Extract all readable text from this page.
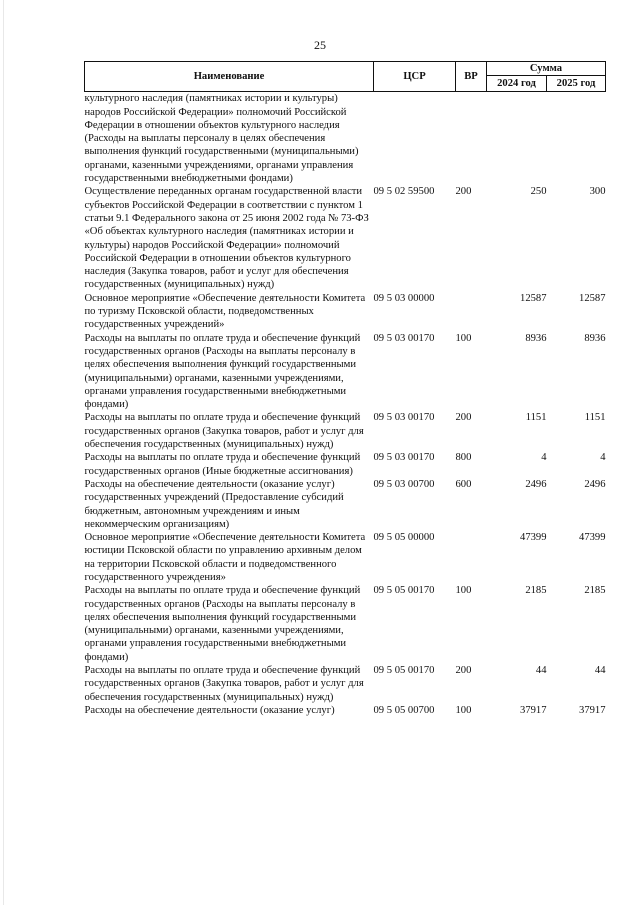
25
Наименование	ЦСР	ВР	Сумма	
			2024 год	2025 год
культурного наследия (памятниках истории и культуры) народов Российской Федерации» полномочий Российской Федерации в отношении объектов культурного наследия (Расходы на выплаты персоналу в целях обеспечения выполнения функций государственными (муниципальными) органами, казенными учреждениями, органами управления государственными внебюджетными фондами)				
Осуществление переданных органам государственной власти субъектов Российской Федерации в соответствии с пунктом 1 статьи 9.1 Федерального закона от 25 июня 2002 года № 73-ФЗ «Об объектах культурного наследия (памятниках истории и культуры) народов Российской Федерации» полномочий Российской Федерации в отношении объектов культурного наследия (Закупка товаров, работ и услуг для обеспечения государственных (муниципальных) нужд)	09 5 02 59500	200	250	300
Основное мероприятие «Обеспечение деятельности Комитета по туризму Псковской области, подведомственных государственных учреждений»	09 5 03 00000		12587	12587
Расходы на выплаты по оплате труда и обеспечение функций государственных органов (Расходы на выплаты персоналу в целях обеспечения выполнения функций государственными (муниципальными) органами, казенными учреждениями, органами управления государственными внебюджетными фондами)	09 5 03 00170	100	8936	8936
Расходы на выплаты по оплате труда и обеспечение функций государственных органов (Закупка товаров, работ и услуг для обеспечения государственных (муниципальных) нужд)	09 5 03 00170	200	1151	1151
Расходы на выплаты по оплате труда и обеспечение функций государственных органов (Иные бюджетные ассигнования)	09 5 03 00170	800	4	4
Расходы на обеспечение деятельности (оказание услуг) государственных учреждений (Предоставление субсидий бюджетным, автономным учреждениям и иным некоммерческим организациям)	09 5 03 00700	600	2496	2496
Основное мероприятие «Обеспечение деятельности Комитета юстиции Псковской области по управлению архивным делом на территории Псковской области и подведомственного государственного учреждения»	09 5 05 00000		47399	47399
Расходы на выплаты по оплате труда и обеспечение функций государственных органов (Расходы на выплаты персоналу в целях обеспечения выполнения функций государственными (муниципальными) органами, казенными учреждениями, органами управления государственными внебюджетными фондами)	09 5 05 00170	100	2185	2185
Расходы на выплаты по оплате труда и обеспечение функций государственных органов (Закупка товаров, работ и услуг для обеспечения государственных (муниципальных) нужд)	09 5 05 00170	200	44	44
Расходы на обеспечение деятельности (оказание услуг)	09 5 05 00700	100	37917	37917
